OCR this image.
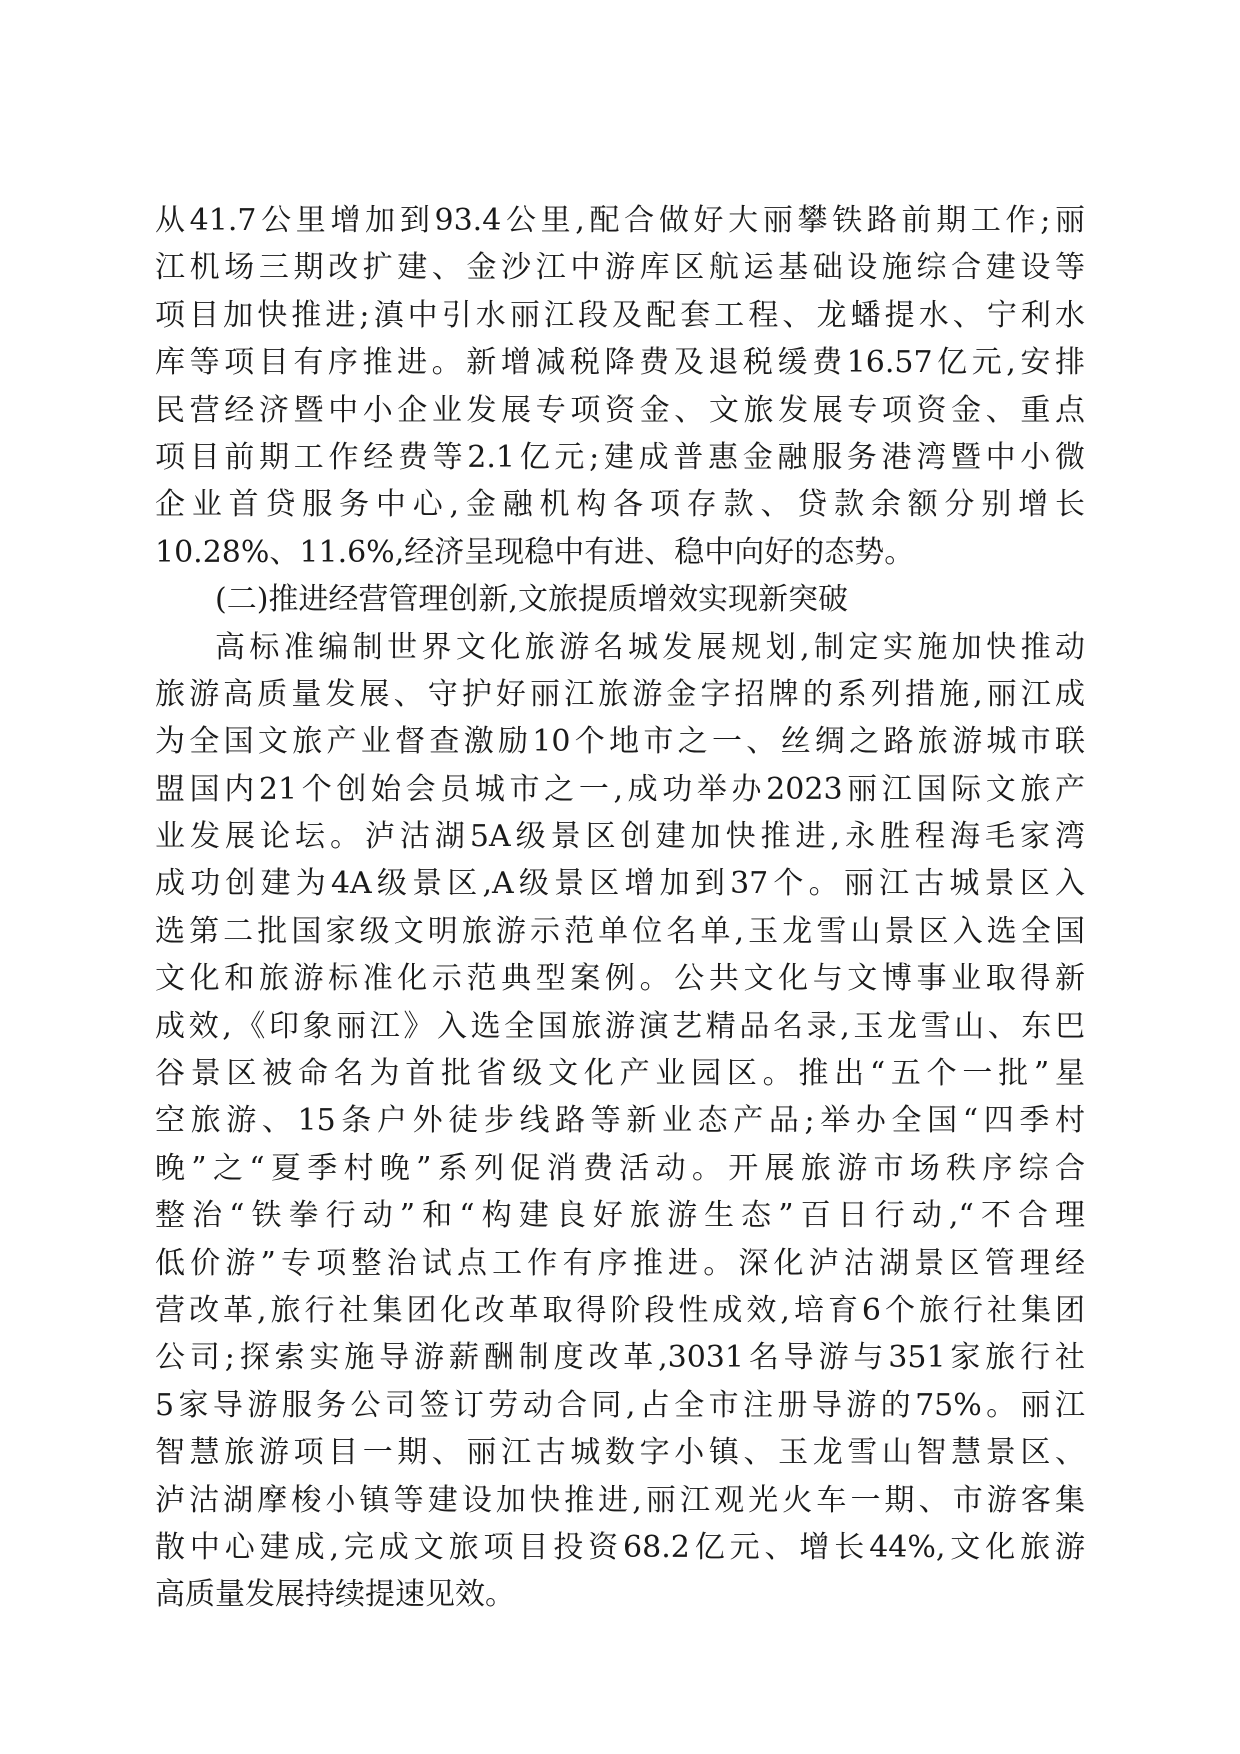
从41.7公里增加到93.4公里,配合做好大丽攀铁路前期工作;丽
江机场三期改扩建、金沙江中游库区航运基础设施综合建设等
项目加快推进;滇中引水丽江段及配套工程、龙蟠提水、宁利水
库等项目有序推进。新增减税降费及退税缓费16.57亿元,安排
民营经济暨中小企业发展专项资金、文旅发展专项资金、重点
项目前期工作经费等2.1亿元;建成普惠金融服务港湾暨中小微
企业首贷服务中心,金融机构各项存款、贷款余额分别增长
10.28%、11.6%,经济呈现稳中有进、稳中向好的态势。
(二)推进经营管理创新,文旅提质增效实现新突破
高标准编制世界文化旅游名城发展规划,制定实施加快推动
旅游高质量发展、守护好丽江旅游金字招牌的系列措施,丽江成
为全国文旅产业督查激励10个地市之一、丝绸之路旅游城市联
盟国内21个创始会员城市之一,成功举办2023丽江国际文旅产
业发展论坛。泸沽湖5A级景区创建加快推进,永胜程海毛家湾
成功创建为4A级景区,A级景区增加到37个。丽江古城景区入
选第二批国家级文明旅游示范单位名单,玉龙雪山景区入选全国
文化和旅游标准化示范典型案例。公共文化与文博事业取得新
成效,《印象丽江》入选全国旅游演艺精品名录,玉龙雪山、东巴
谷景区被命名为首批省级文化产业园区。推出“五个一批”星
空旅游、15条户外徒步线路等新业态产品;举办全国“四季村
晚”之“夏季村晚”系列促消费活动。开展旅游市场秩序综合
整治“铁拳行动”和“构建良好旅游生态”百日行动,“不合理
低价游”专项整治试点工作有序推进。深化泸沽湖景区管理经
营改革,旅行社集团化改革取得阶段性成效,培育6个旅行社集团
公司;探索实施导游薪酬制度改革,3031名导游与351家旅行社
5家导游服务公司签订劳动合同,占全市注册导游的75%。丽江
智慧旅游项目一期、丽江古城数字小镇、玉龙雪山智慧景区、
泸沽湖摩梭小镇等建设加快推进,丽江观光火车一期、市游客集
散中心建成,完成文旅项目投资68.2亿元、增长44%,文化旅游
高质量发展持续提速见效。
